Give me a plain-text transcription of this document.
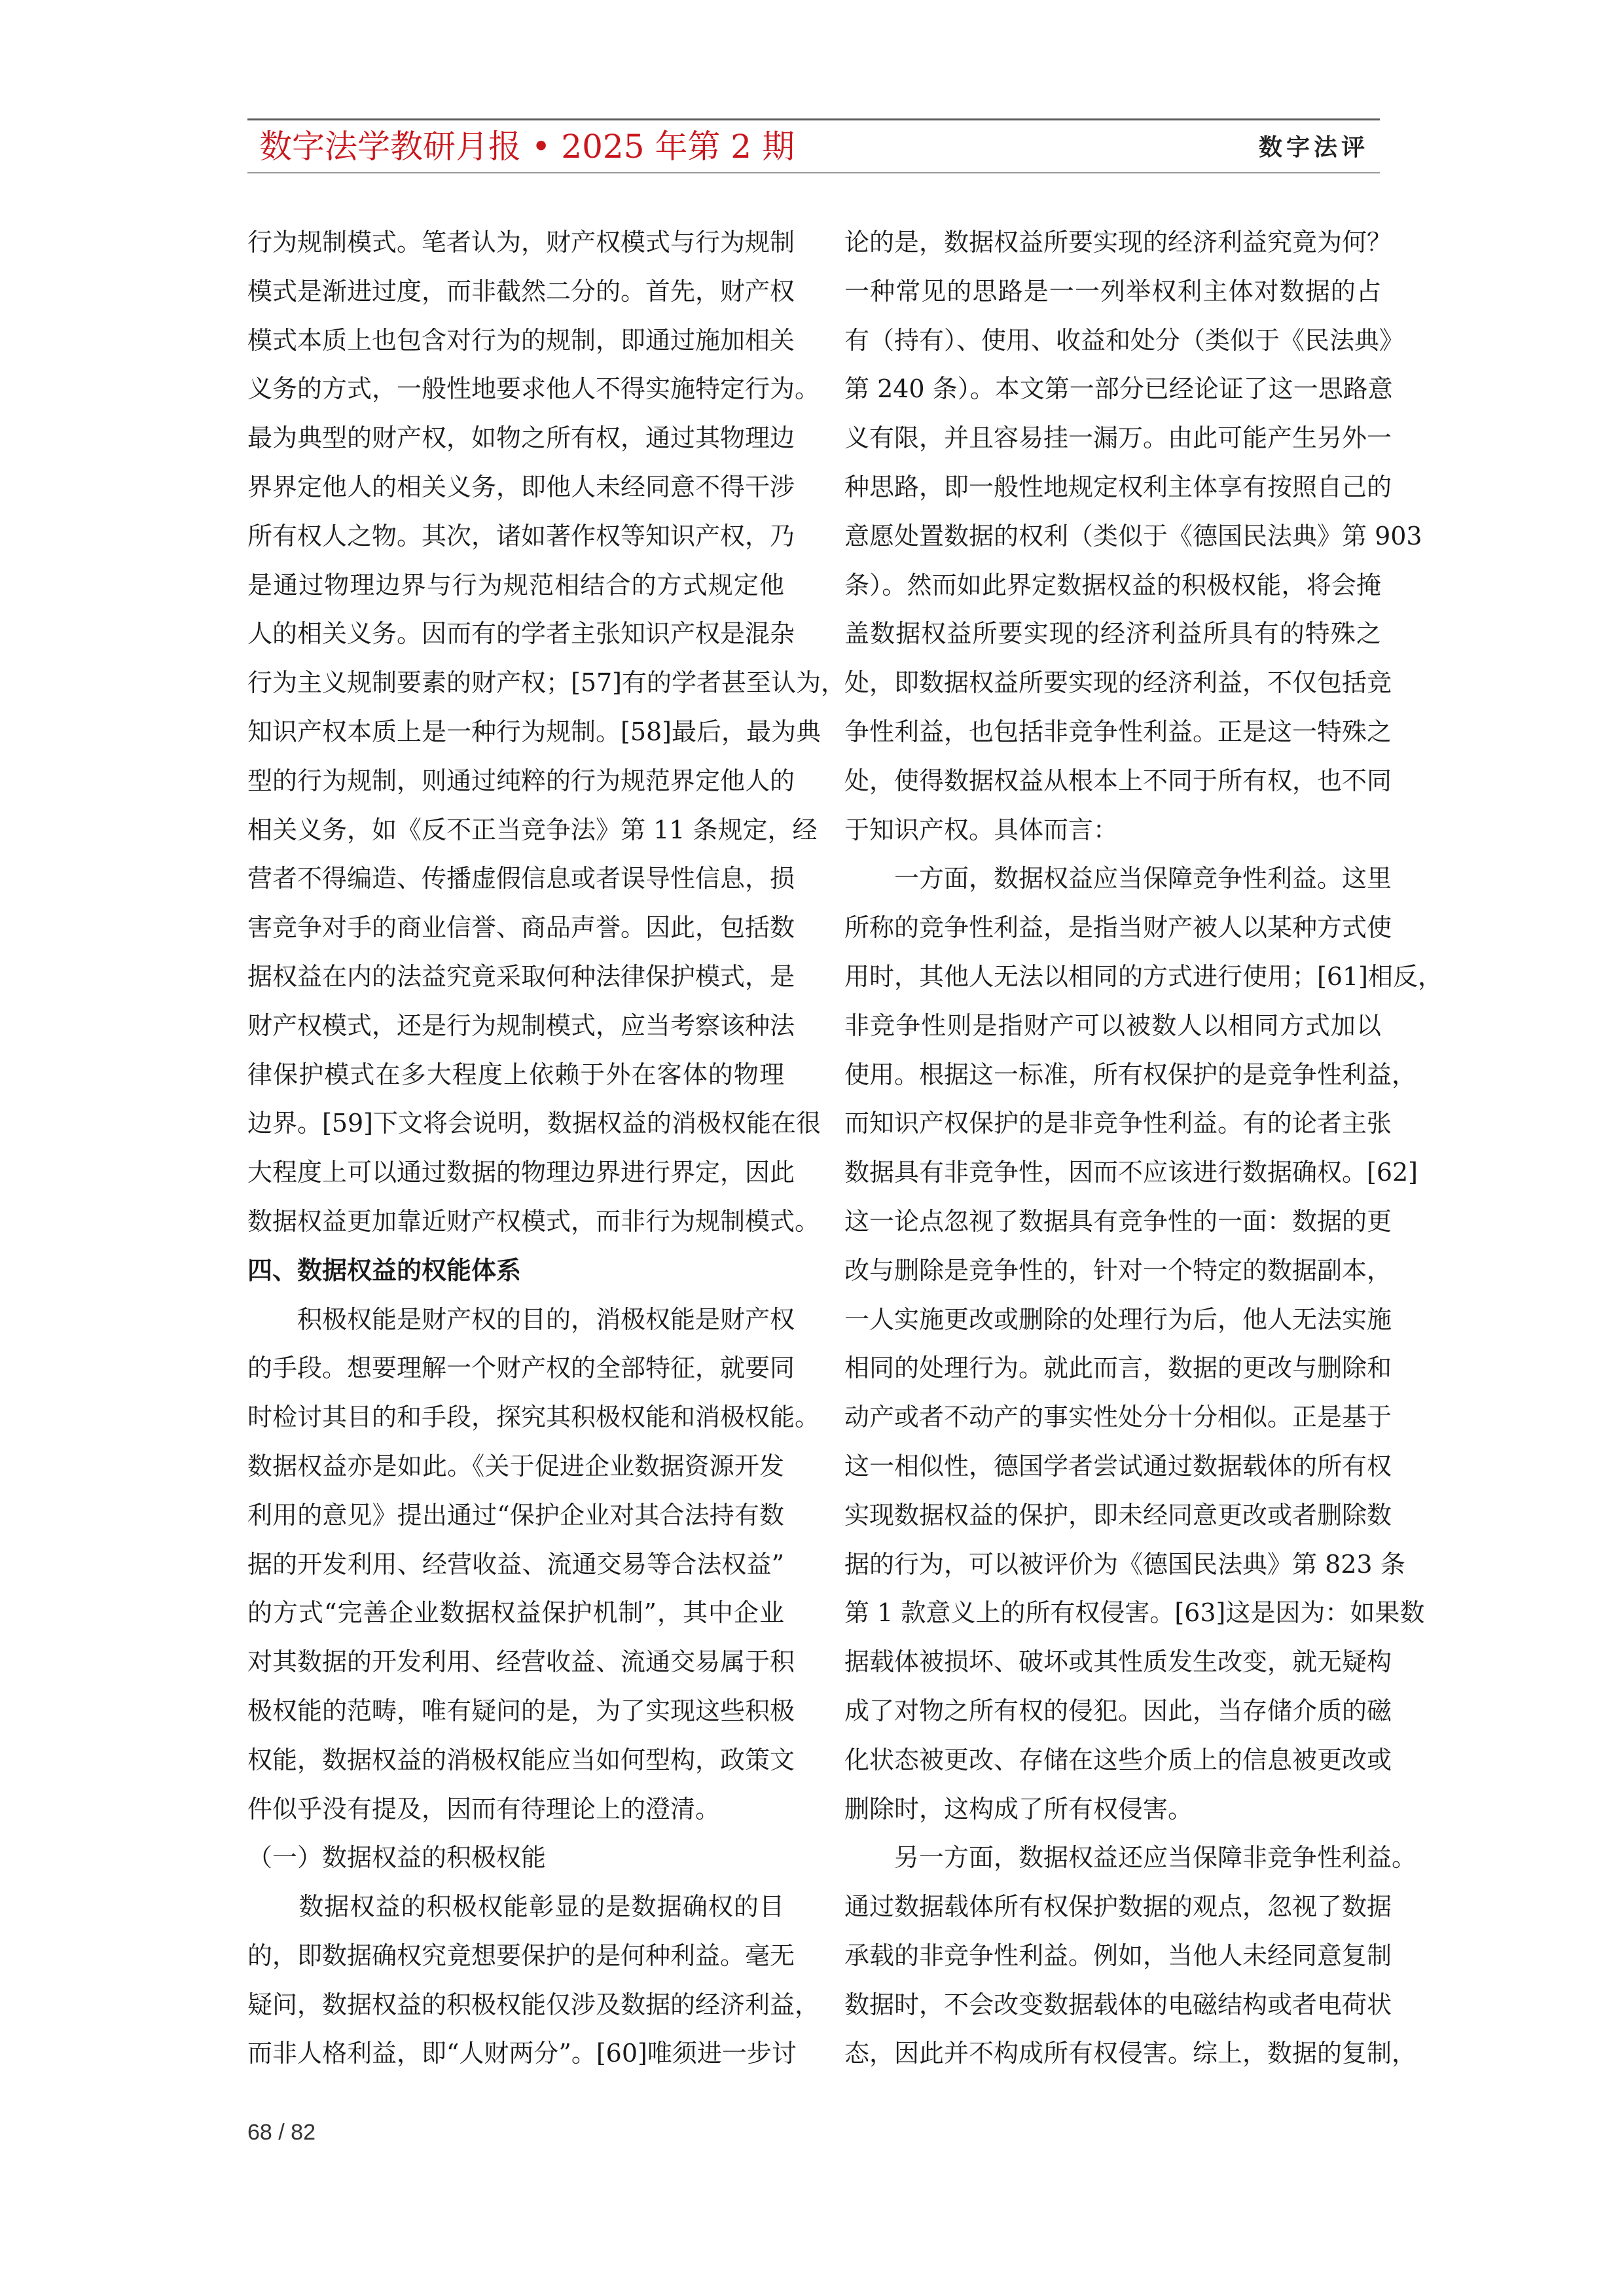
数字法学教研月报 • 2025 年第 2 期	数字法评
行为规制模式。笔者认为，财产权模式与行为规制
模式是渐进过度，而非截然二分的。首先，财产权
模式本质上也包含对行为的规制，即通过施加相关
义务的方式，一般性地要求他人不得实施特定行为。
最为典型的财产权，如物之所有权，通过其物理边
界界定他人的相关义务，即他人未经同意不得干涉
所有权人之物。其次，诸如著作权等知识产权，乃
是通过物理边界与行为规范相结合的方式规定他
人的相关义务。因而有的学者主张知识产权是混杂
行为主义规制要素的财产权；[57]有的学者甚至认为，
知识产权本质上是一种行为规制。[58]最后，最为典
型的行为规制，则通过纯粹的行为规范界定他人的
相关义务，如《反不正当竞争法》第 11 条规定，经
营者不得编造、传播虚假信息或者误导性信息，损
害竞争对手的商业信誉、商品声誉。因此，包括数
据权益在内的法益究竟采取何种法律保护模式，是
财产权模式，还是行为规制模式，应当考察该种法
律保护模式在多大程度上依赖于外在客体的物理
边界。[59]下文将会说明，数据权益的消极权能在很
大程度上可以通过数据的物理边界进行界定，因此
数据权益更加靠近财产权模式，而非行为规制模式。
四、数据权益的权能体系
　　积极权能是财产权的目的，消极权能是财产权
的手段。想要理解一个财产权的全部特征，就要同
时检讨其目的和手段，探究其积极权能和消极权能。
数据权益亦是如此。《关于促进企业数据资源开发
利用的意见》提出通过“保护企业对其合法持有数
据的开发利用、经营收益、流通交易等合法权益”
的方式“完善企业数据权益保护机制”，其中企业
对其数据的开发利用、经营收益、流通交易属于积
极权能的范畴，唯有疑问的是，为了实现这些积极
权能，数据权益的消极权能应当如何型构，政策文
件似乎没有提及，因而有待理论上的澄清。
（一）数据权益的积极权能
　　数据权益的积极权能彰显的是数据确权的目
的，即数据确权究竟想要保护的是何种利益。毫无
疑问，数据权益的积极权能仅涉及数据的经济利益，
而非人格利益，即“人财两分”。[60]唯须进一步讨
论的是，数据权益所要实现的经济利益究竟为何？
一种常见的思路是一一列举权利主体对数据的占
有（持有）、使用、收益和处分（类似于《民法典》
第 240 条）。本文第一部分已经论证了这一思路意
义有限，并且容易挂一漏万。由此可能产生另外一
种思路，即一般性地规定权利主体享有按照自己的
意愿处置数据的权利（类似于《德国民法典》第 903
条）。然而如此界定数据权益的积极权能，将会掩
盖数据权益所要实现的经济利益所具有的特殊之
处，即数据权益所要实现的经济利益，不仅包括竞
争性利益，也包括非竞争性利益。正是这一特殊之
处，使得数据权益从根本上不同于所有权，也不同
于知识产权。具体而言：
　　一方面，数据权益应当保障竞争性利益。这里
所称的竞争性利益，是指当财产被人以某种方式使
用时，其他人无法以相同的方式进行使用；[61]相反，
非竞争性则是指财产可以被数人以相同方式加以
使用。根据这一标准，所有权保护的是竞争性利益，
而知识产权保护的是非竞争性利益。有的论者主张
数据具有非竞争性，因而不应该进行数据确权。[62]
这一论点忽视了数据具有竞争性的一面：数据的更
改与删除是竞争性的，针对一个特定的数据副本，
一人实施更改或删除的处理行为后，他人无法实施
相同的处理行为。就此而言，数据的更改与删除和
动产或者不动产的事实性处分十分相似。正是基于
这一相似性，德国学者尝试通过数据载体的所有权
实现数据权益的保护，即未经同意更改或者删除数
据的行为，可以被评价为《德国民法典》第 823 条
第 1 款意义上的所有权侵害。[63]这是因为：如果数
据载体被损坏、破坏或其性质发生改变，就无疑构
成了对物之所有权的侵犯。因此，当存储介质的磁
化状态被更改、存储在这些介质上的信息被更改或
删除时，这构成了所有权侵害。
　　另一方面，数据权益还应当保障非竞争性利益。
通过数据载体所有权保护数据的观点，忽视了数据
承载的非竞争性利益。例如，当他人未经同意复制
数据时，不会改变数据载体的电磁结构或者电荷状
态，因此并不构成所有权侵害。综上，数据的复制，
68 / 82
